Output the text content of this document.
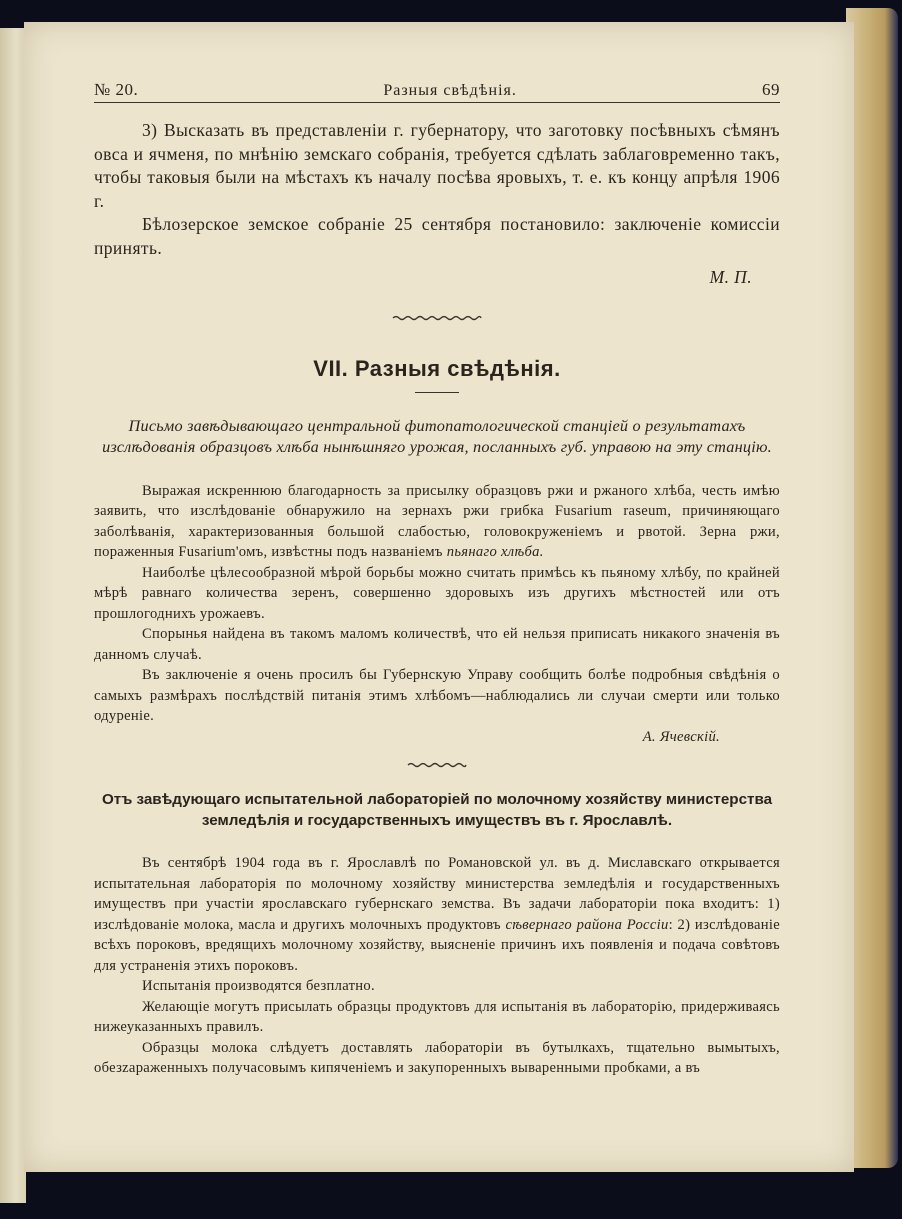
№ 20.	Разныя свѣдѣнія.	69

3) Высказать въ представленіи г. губернатору, что заготовку посѣвныхъ сѣмянъ овса и ячменя, по мнѣнію земскаго собранія, требуется сдѣлать заблаговременно такъ, чтобы таковыя были на мѣстахъ къ началу посѣва яровыхъ, т. е. къ концу апрѣля 1906 г.

Бѣлозерское земское собраніе 25 сентября постановило: заключеніе комиссіи принять.

М. П.
VII. Разныя свѣдѣнія.
Письмо завѣдывающаго центральной фитопатологической станціей о результатахъ изслѣдованія образцовъ хлѣба нынѣшняго урожая, посланныхъ губ. управою на эту станцію.

Выражая искреннюю благодарность за присылку образцовъ ржи и ржаного хлѣба, честь имѣю заявить, что изслѣдованіе обнаружило на зернахъ ржи грибка Fusarium raseum, причиняющаго заболѣванія, характеризованныя большой слабостью, головокруженіемъ и рвотой. Зерна ржи, пораженныя Fusarium'омъ, извѣстны подъ названіемъ пьянаго хлѣба.

Наиболѣе цѣлесообразной мѣрой борьбы можно считать примѣсь къ пьяному хлѣбу, по крайней мѣрѣ равнаго количества зеренъ, совершенно здоровыхъ изъ другихъ мѣстностей или отъ прошлогоднихъ урожаевъ.

Спорынья найдена въ такомъ маломъ количествѣ, что ей нельзя приписать никакого значенія въ данномъ случаѣ.

Въ заключеніе я очень просилъ бы Губернскую Управу сообщить болѣе подробныя свѣдѣнія о самыхъ размѣрахъ послѣдствій питанія этимъ хлѣбомъ—наблюдались ли случаи смерти или только одуреніе.

А. Ячевскій.
Отъ завѣдующаго испытательной лабораторіей по молочному хозяйству министерства
земледѣлія и государственныхъ имуществъ въ г. Ярославлѣ.

Въ сентябрѣ 1904 года въ г. Ярославлѣ по Романовской ул. въ д. Миславскаго открывается испытательная лабораторія по молочному хозяйству министерства земледѣлія и государственныхъ имуществъ при участіи ярославскаго губернскаго земства. Въ задачи лабораторіи пока входитъ: 1) изслѣдованіе молока, масла и другихъ молочныхъ продуктовъ сѣвернаго района Россіи: 2) изслѣдованіе всѣхъ пороковъ, вредящихъ молочному хозяйству, выясненіе причинъ ихъ появленія и подача совѣтовъ для устраненія этихъ пороковъ.

Испытанія производятся безплатно.

Желающіе могутъ присылать образцы продуктовъ для испытанія въ лабораторію, придерживаясь нижеуказанныхъ правилъ.

Образцы молока слѣдуетъ доставлять лабораторіи въ бутылкахъ, тщательно вымытыхъ, обезzараженныхъ получасовымъ кипяченіемъ и закупоренныхъ вываренными пробками, а въ
